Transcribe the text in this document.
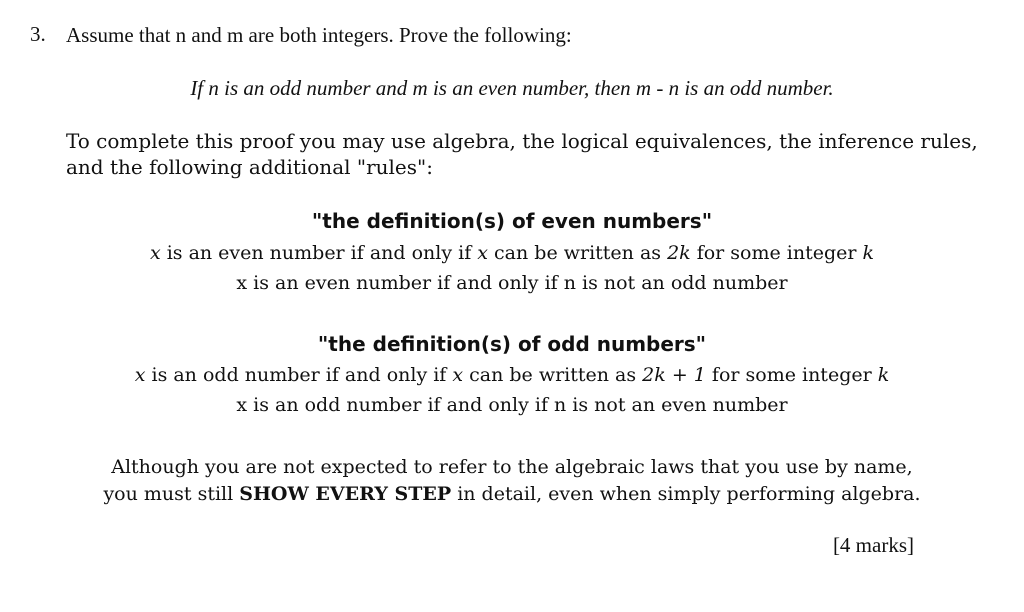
3. Assume that n and m are both integers. Prove the following:
If n is an odd number and m is an even number, then m - n is an odd number.
To complete this proof you may use algebra, the logical equivalences, the inference rules,
and the following additional "rules":
"the definition(s) of even numbers"
x is an even number if and only if x can be written as 2k for some integer k
x is an even number if and only if n is not an odd number
"the definition(s) of odd numbers"
x is an odd number if and only if x can be written as 2k + 1 for some integer k
x is an odd number if and only if n is not an even number
Although you are not expected to refer to the algebraic laws that you use by name,
you must still SHOW EVERY STEP in detail, even when simply performing algebra.
[4 marks]
